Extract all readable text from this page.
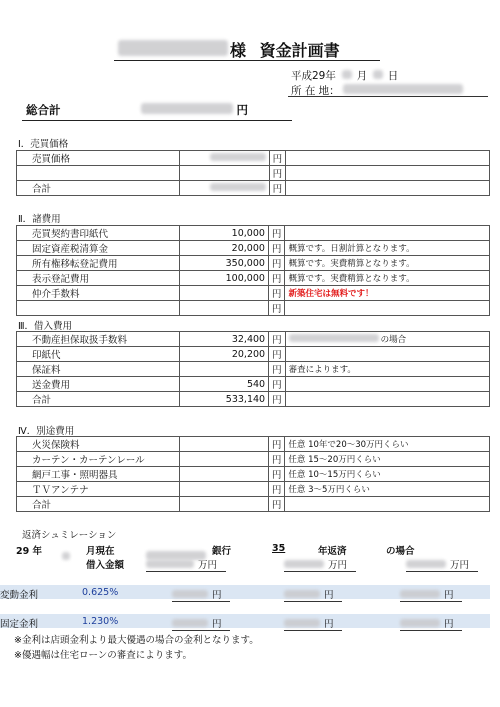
様 資金計画書
平成29年 月 日
所 在 地：
総合計	円
Ⅰ．売買価格
売買価格		円	
		円	
合計		円	
Ⅱ．諸費用
売買契約書印紙代	10,000	円	
固定資産税清算金	20,000	円	概算です。日割計算となります。
所有権移転登記費用	350,000	円	概算です。実費精算となります。
表示登記費用	100,000	円	概算です。実費精算となります。
仲介手数料		円	新築住宅は無料です！
		円	
Ⅲ．借入費用
不動産担保取扱手数料	32,400	円	の場合
印紙代	20,200	円	
保証料		円	審査によります。
送金費用	540	円	
合計	533,140	円	
Ⅳ．別途費用
火災保険料		円	任意 10年で20～30万円くらい
カーテン・カーテンレール		円	任意 15～20万円くらい
網戸工事・照明器具		円	任意 10～15万円くらい
ＴＶアンテナ		円	任意 3～5万円くらい
合計		円	
返済シュミレーション
29 年	月現在	銀行	35	年返済	の場合
借入金額	万円	万円	万円
変動金利	0.625%	円	円	円
固定金利	1.230%	円	円	円
※金利は店頭金利より最大優遇の場合の金利となります。
※優遇幅は住宅ローンの審査によります。
